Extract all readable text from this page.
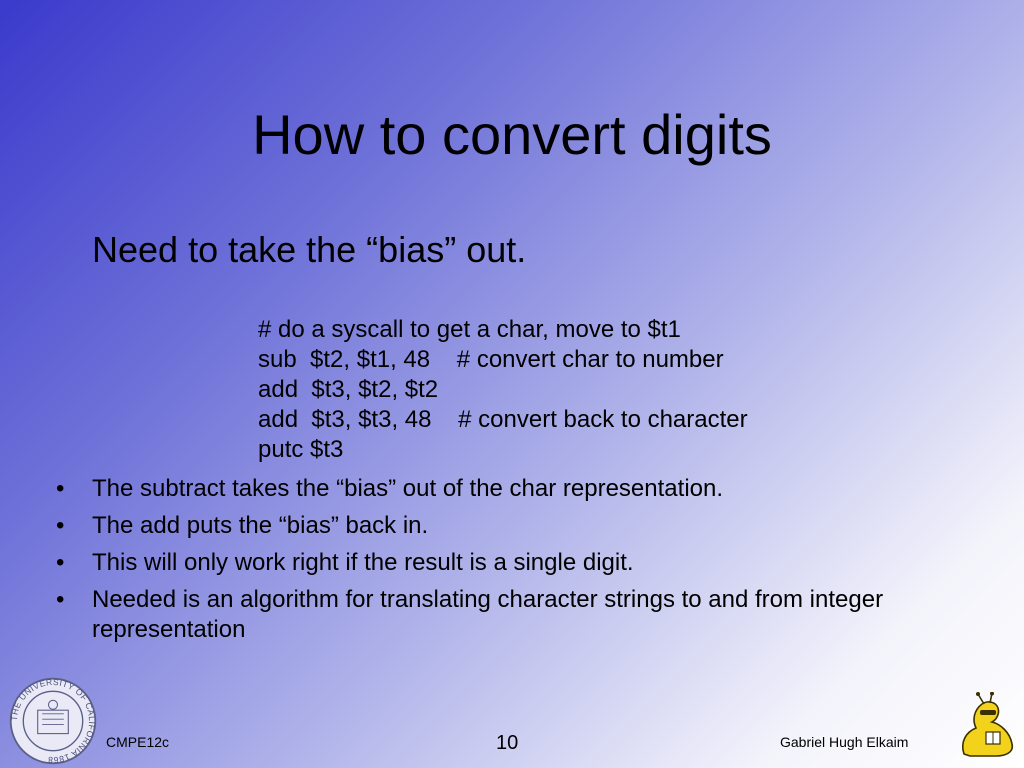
How to convert digits
Need to take the “bias” out.
# do a syscall to get a char, move to $t1
sub  $t2, $t1, 48    # convert char to number
add  $t3, $t2, $t2
add  $t3, $t3, 48    # convert back to character
putc $t3
• The subtract takes the “bias” out of the char representation.
• The add puts the “bias” back in.
• This will only work right if the result is a single digit.
• Needed is an algorithm for translating character strings to and from integer representation
THE UNIVERSITY OF CALIFORNIA 1868
CMPE12c	10	Gabriel Hugh Elkaim
